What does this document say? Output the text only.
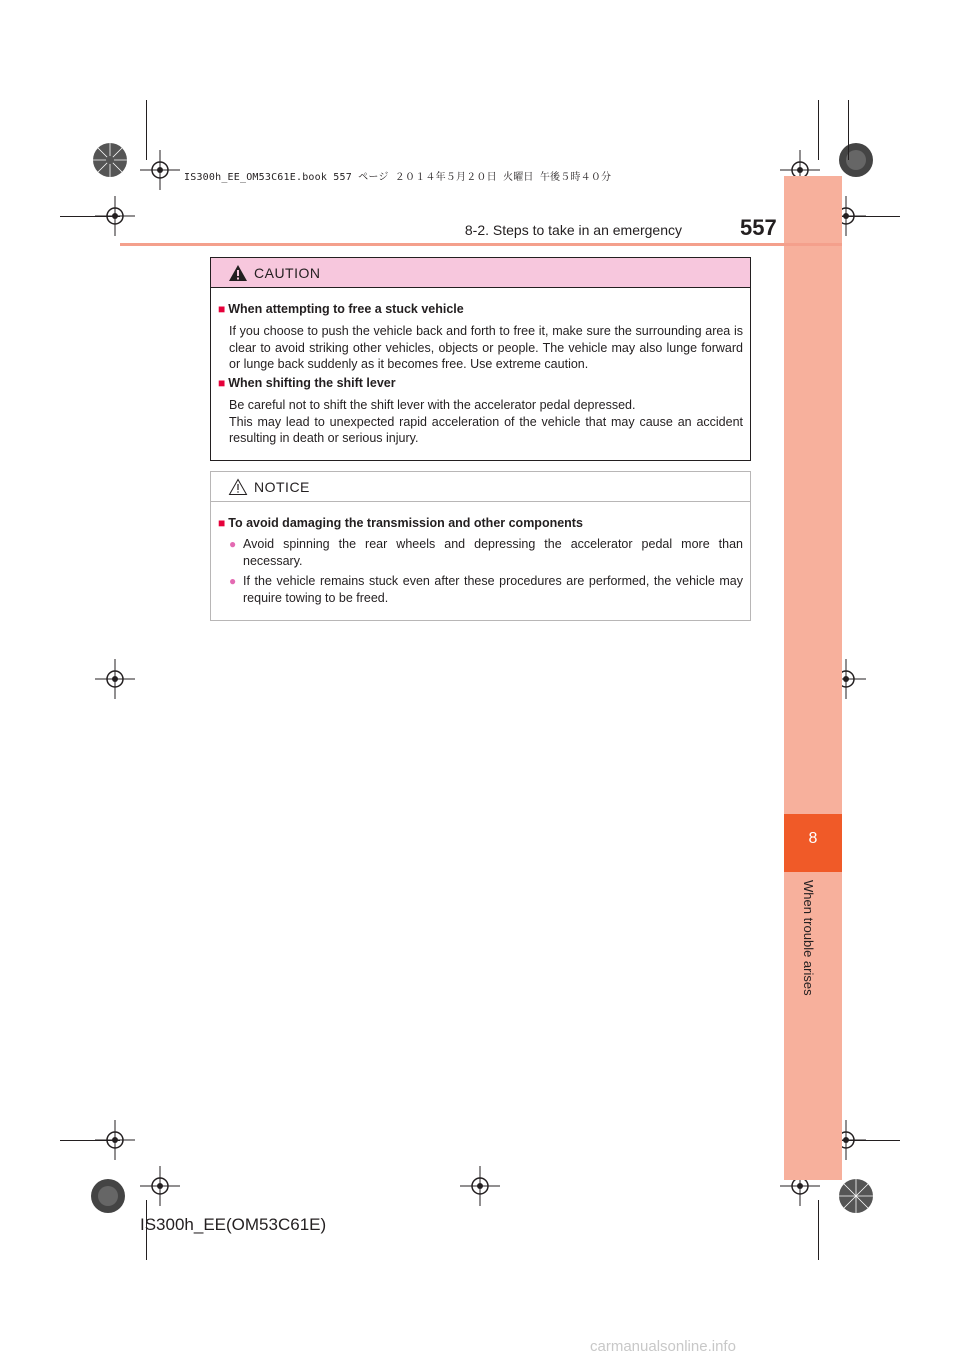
IS300h_EE_OM53C61E.book 557 ページ ２０１４年５月２０日 火曜日 午後５時４０分
8
When trouble arises
8-2. Steps to take in an emergency	557
CAUTION
■ When attempting to free a stuck vehicle
If you choose to push the vehicle back and forth to free it, make sure the surrounding area is clear to avoid striking other vehicles, objects or people. The vehicle may also lunge forward or lunge back suddenly as it becomes free. Use extreme caution.
■ When shifting the shift lever
Be careful not to shift the shift lever with the accelerator pedal depressed.
This may lead to unexpected rapid acceleration of the vehicle that may cause an accident resulting in death or serious injury.
NOTICE
■ To avoid damaging the transmission and other components
● Avoid spinning the rear wheels and depressing the accelerator pedal more than necessary.
● If the vehicle remains stuck even after these procedures are performed, the vehicle may require towing to be freed.
IS300h_EE(OM53C61E)
carmanualsonline.info
